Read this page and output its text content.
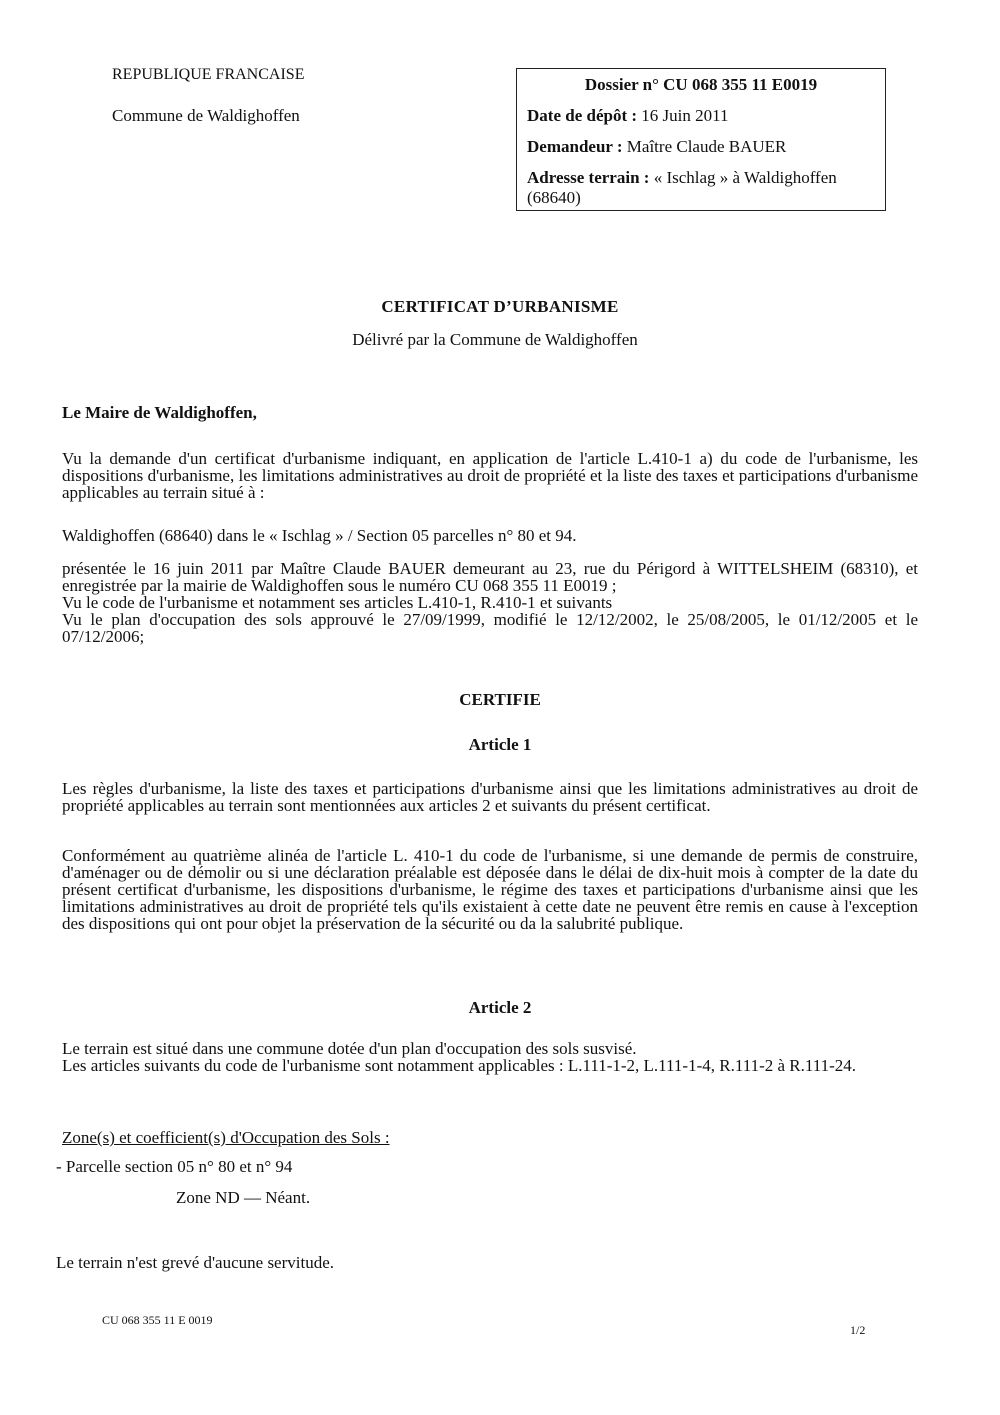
REPUBLIQUE FRANCAISE
Commune de Waldighoffen
Dossier n° CU 068 355 11 E0019
Date de dépôt : 16 Juin 2011
Demandeur : Maître Claude BAUER
Adresse terrain : « Ischlag » à Waldighoffen (68640)
CERTIFICAT D’URBANISME
Délivré par la Commune de Waldighoffen
Le Maire de Waldighoffen,
Vu la demande d'un certificat d'urbanisme indiquant, en application de l'article L.410-1 a) du code de l'urbanisme, les dispositions d'urbanisme, les limitations administratives au droit de propriété et la liste des taxes et participations d'urbanisme applicables au terrain situé à :
Waldighoffen (68640) dans le « Ischlag » / Section 05 parcelles n° 80 et 94.
présentée le 16 juin 2011 par Maître Claude BAUER demeurant au 23, rue du Périgord à WITTELSHEIM (68310), et enregistrée par la mairie de Waldighoffen sous le numéro CU 068 355 11 E0019 ;
Vu le code de l'urbanisme et notamment ses articles L.410-1, R.410-1 et suivants
Vu le plan d'occupation des sols approuvé le 27/09/1999, modifié le 12/12/2002, le 25/08/2005, le 01/12/2005 et le 07/12/2006;
CERTIFIE
Article 1
Les règles d'urbanisme, la liste des taxes et participations d'urbanisme ainsi que les limitations administratives au droit de propriété applicables au terrain sont mentionnées aux articles 2 et suivants du présent certificat.
Conformément au quatrième alinéa de l'article L. 410-1 du code de l'urbanisme, si une demande de permis de construire, d'aménager ou de démolir ou si une déclaration préalable est déposée dans le délai de dix-huit mois à compter de la date du présent certificat d'urbanisme, les dispositions d'urbanisme, le régime des taxes et participations d'urbanisme ainsi que les limitations administratives au droit de propriété tels qu'ils existaient à cette date ne peuvent être remis en cause à l'exception des dispositions qui ont pour objet la préservation de la sécurité ou da la salubrité publique.
Article 2
Le terrain est situé dans une commune dotée d'un plan d'occupation des sols susvisé.
Les articles suivants du code de l'urbanisme sont notamment applicables : L.111-1-2, L.111-1-4, R.111-2 à R.111-24.
Zone(s) et coefficient(s) d'Occupation des Sols :
- Parcelle section 05 n° 80 et n° 94
Zone ND — Néant.
Le terrain n'est grevé d'aucune servitude.
CU 068 355 11 E 0019
1/2
